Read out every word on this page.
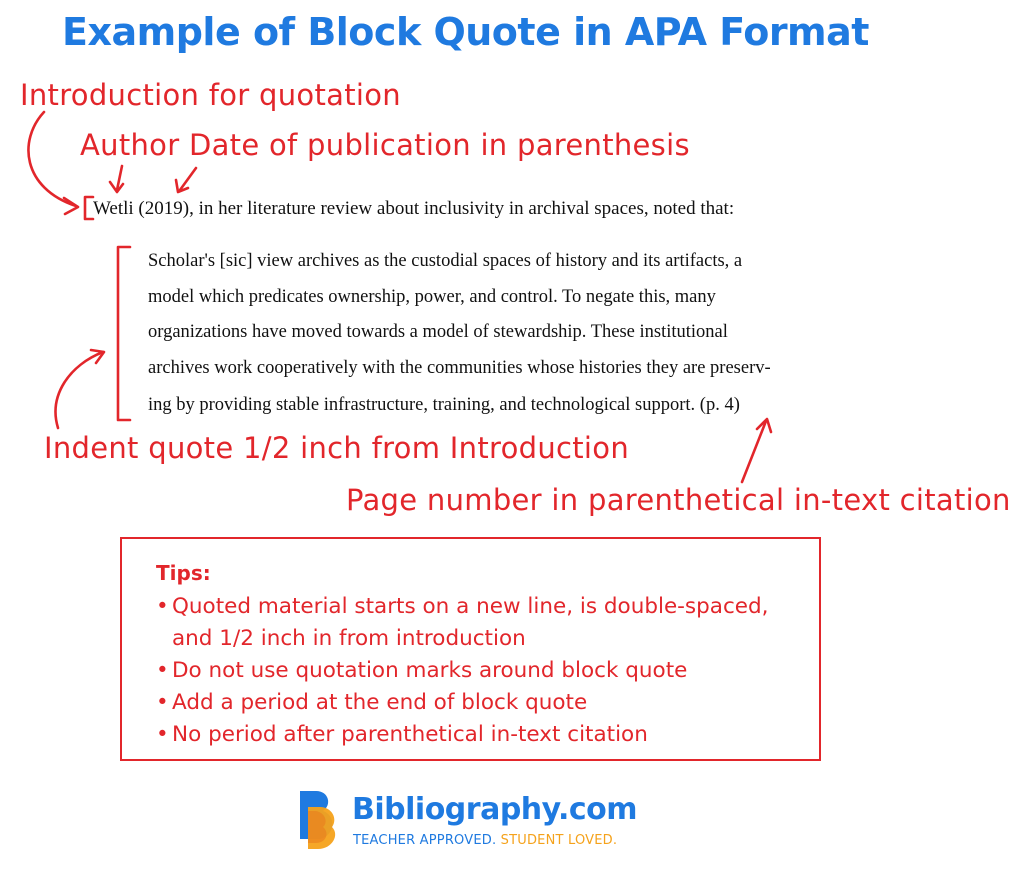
Example of Block Quote in APA Format
Introduction for quotation
Author Date of publication in parenthesis
Indent quote 1/2 inch from Introduction
Page number in parenthetical in-text citation
Wetli (2019), in her literature review about inclusivity in archival spaces, noted that:
Scholar's [sic] view archives as the custodial spaces of history and its artifacts, a
model which predicates ownership, power, and control. To negate this, many
organizations have moved towards a model of stewardship. These institutional
archives work cooperatively with the communities whose histories they are preserv-
ing by providing stable infrastructure, training, and technological support. (p. 4)
Tips:
• Quoted material starts on a new line, is double-spaced,
and 1/2 inch in from introduction
• Do not use quotation marks around block quote
• Add a period at the end of block quote
• No period after parenthetical in-text citation
Bibliography.com
TEACHER APPROVED. STUDENT LOVED.
